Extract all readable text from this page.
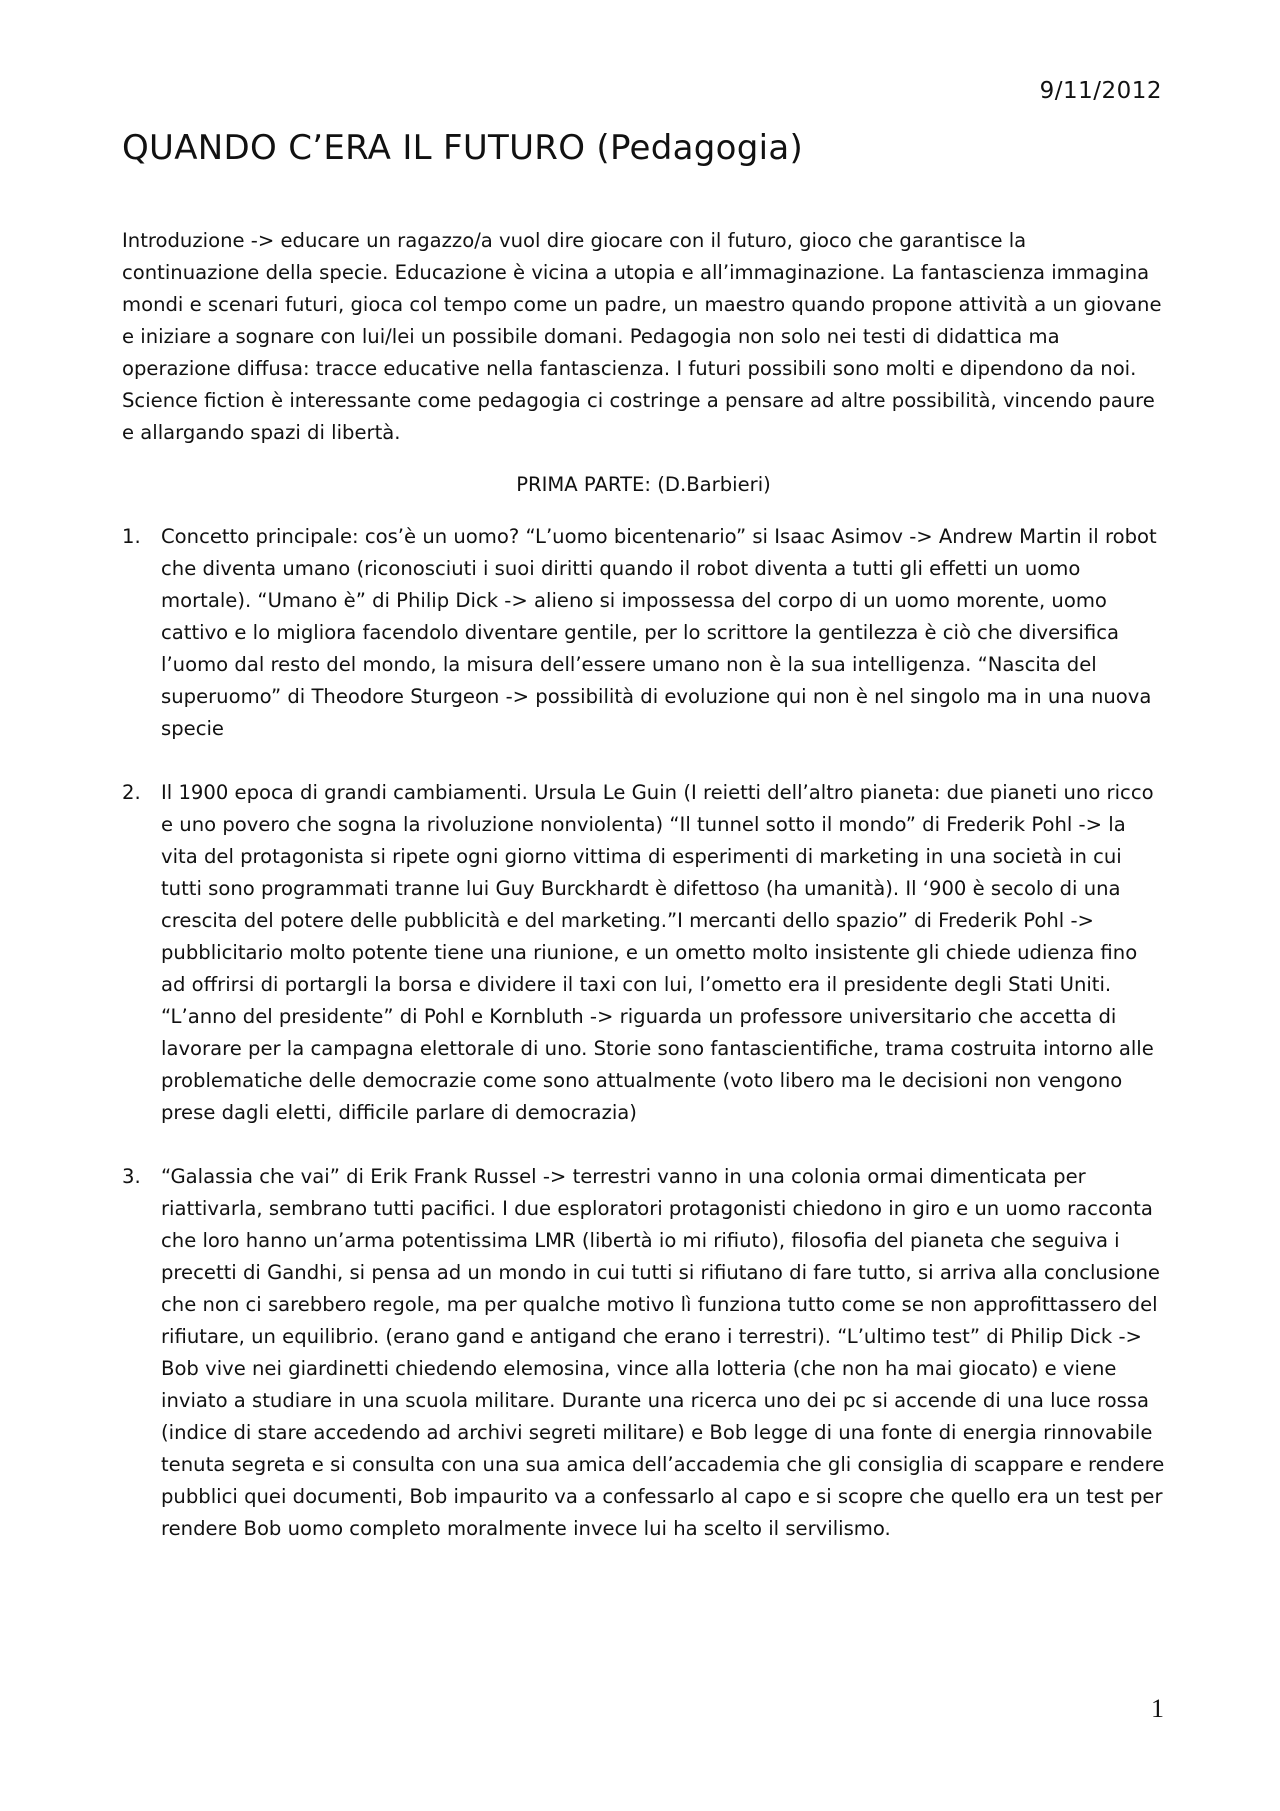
9/11/2012
QUANDO C’ERA IL FUTURO (Pedagogia)

Introduzione -> educare un ragazzo/a vuol dire giocare con il futuro, gioco che garantisce la continuazione della specie. Educazione è vicina a utopia e all’immaginazione. La fantascienza immagina mondi e scenari futuri, gioca col tempo come un padre, un maestro quando propone attività a un giovane e iniziare a sognare con lui/lei un possibile domani. Pedagogia non solo nei testi di didattica ma operazione diffusa: tracce educative nella fantascienza. I futuri possibili sono molti e dipendono da noi. Science fiction è interessante come pedagogia ci costringe a pensare ad altre possibilità, vincendo paure e allargando spazi di libertà.

PRIMA PARTE: (D.Barbieri)

1. Concetto principale: cos’è un uomo? “L’uomo bicentenario” si Isaac Asimov -> Andrew Martin il robot che diventa umano (riconosciuti i suoi diritti quando il robot diventa a tutti gli effetti un uomo mortale). “Umano è” di Philip Dick -> alieno si impossessa del corpo di un uomo morente, uomo cattivo e lo migliora facendolo diventare gentile, per lo scrittore la gentilezza è ciò che diversifica l’uomo dal resto del mondo, la misura dell’essere umano non è la sua intelligenza. “Nascita del superuomo” di Theodore Sturgeon -> possibilità di evoluzione qui non è nel singolo ma in una nuova specie
2. Il 1900 epoca di grandi cambiamenti. Ursula Le Guin (I reietti dell’altro pianeta: due pianeti uno ricco e uno povero che sogna la rivoluzione nonviolenta) “Il tunnel sotto il mondo” di Frederik Pohl -> la vita del protagonista si ripete ogni giorno vittima di esperimenti di marketing in una società in cui tutti sono programmati tranne lui Guy Burckhardt è difettoso (ha umanità). Il ‘900 è secolo di una crescita del potere delle pubblicità e del marketing.”I mercanti dello spazio” di Frederik Pohl -> pubblicitario molto potente tiene una riunione, e un ometto molto insistente gli chiede udienza fino ad offrirsi di portargli la borsa e dividere il taxi con lui, l’ometto era il presidente degli Stati Uniti. “L’anno del presidente” di Pohl e Kornbluth -> riguarda un professore universitario che accetta di lavorare per la campagna elettorale di uno. Storie sono fantascientifiche, trama costruita intorno alle problematiche delle democrazie come sono attualmente (voto libero ma le decisioni non vengono prese dagli eletti, difficile parlare di democrazia)
3. “Galassia che vai” di Erik Frank Russel -> terrestri vanno in una colonia ormai dimenticata per riattivarla, sembrano tutti pacifici. I due esploratori protagonisti chiedono in giro e un uomo racconta che loro hanno un’arma potentissima LMR (libertà io mi rifiuto), filosofia del pianeta che seguiva i precetti di Gandhi, si pensa ad un mondo in cui tutti si rifiutano di fare tutto, si arriva alla conclusione che non ci sarebbero regole, ma per qualche motivo lì funziona tutto come se non approfittassero del rifiutare, un equilibrio. (erano gand e antigand che erano i terrestri). “L’ultimo test” di Philip Dick -> Bob vive nei giardinetti chiedendo elemosina, vince alla lotteria (che non ha mai giocato) e viene inviato a studiare in una scuola militare. Durante una ricerca uno dei pc si accende di una luce rossa (indice di stare accedendo ad archivi segreti militare) e Bob legge di una fonte di energia rinnovabile tenuta segreta e si consulta con una sua amica dell’accademia che gli consiglia di scappare e rendere pubblici quei documenti, Bob impaurito va a confessarlo al capo e si scopre che quello era un test per rendere Bob uomo completo moralmente invece lui ha scelto il servilismo.
1
